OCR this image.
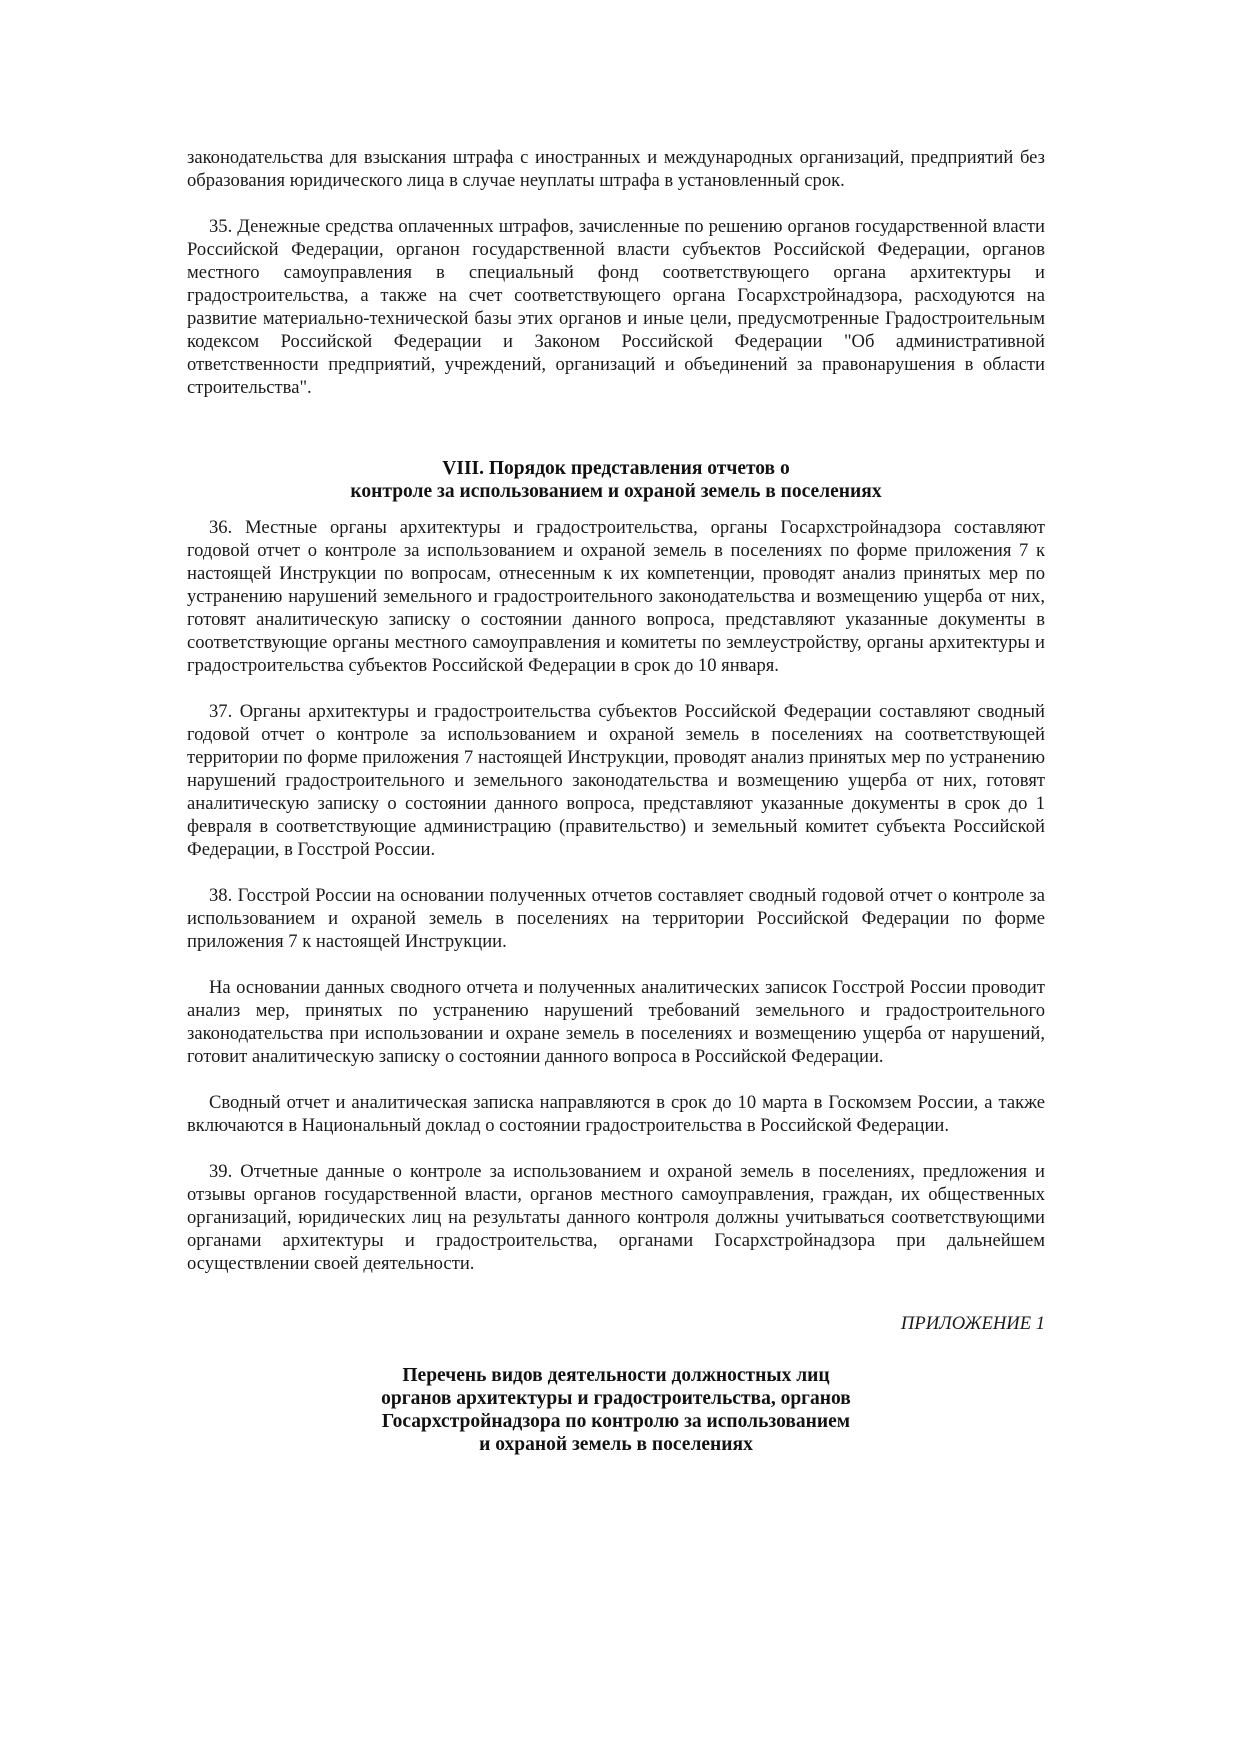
законодательства для взыскания штрафа с иностранных и международных организаций, предприятий без образования юридического лица в случае неуплаты штрафа в установленный срок.

35. Денежные средства оплаченных штрафов, зачисленные по решению органов государственной власти Российской Федерации, органон государственной власти субъектов Российской Федерации, органов местного самоуправления в специальный фонд соответствующего органа архитектуры и градостроительства, а также на счет соответствующего органа Госархстройнадзора, расходуются на развитие материально-технической базы этих органов и иные цели, предусмотренные Градостроительным кодексом Российской Федерации и Законом Российской Федерации "Об административной ответственности предприятий, учреждений, организаций и объединений за правонарушения в области строительства".

VIII. Порядок представления отчетов о
контроле за использованием и охраной земель в поселениях

36. Местные органы архитектуры и градостроительства, органы Госархстройнадзора составляют годовой отчет о контроле за использованием и охраной земель в поселениях по форме приложения 7 к настоящей Инструкции по вопросам, отнесенным к их компетенции, проводят анализ принятых мер по устранению нарушений земельного и градостроительного законодательства и возмещению ущерба от них, готовят аналитическую записку о состоянии данного вопроса, представляют указанные документы в соответствующие органы местного самоуправления и комитеты по землеустройству, органы архитектуры и градостроительства субъектов Российской Федерации в срок до 10 января.

37. Органы архитектуры и градостроительства субъектов Российской Федерации составляют сводный годовой отчет о контроле за использованием и охраной земель в поселениях на соответствующей территории по форме приложения 7 настоящей Инструкции, проводят анализ принятых мер по устранению нарушений градостроительного и земельного законодательства и возмещению ущерба от них, готовят аналитическую записку о состоянии данного вопроса, представляют указанные документы в срок до 1 февраля в соответствующие администрацию (правительство) и земельный комитет субъекта Российской Федерации, в Госстрой России.

38. Госстрой России на основании полученных отчетов составляет сводный годовой отчет о контроле за использованием и охраной земель в поселениях на территории Российской Федерации по форме приложения 7 к настоящей Инструкции.

На основании данных сводного отчета и полученных аналитических записок Госстрой России проводит анализ мер, принятых по устранению нарушений требований земельного и градостроительного законодательства при использовании и охране земель в поселениях и возмещению ущерба от нарушений, готовит аналитическую записку о состоянии данного вопроса в Российской Федерации.

Сводный отчет и аналитическая записка направляются в срок до 10 марта в Госкомзем России, а также включаются в Национальный доклад о состоянии градостроительства в Российской Федерации.

39. Отчетные данные о контроле за использованием и охраной земель в поселениях, предложения и отзывы органов государственной власти, органов местного самоуправления, граждан, их общественных организаций, юридических лиц на результаты данного контроля должны учитываться соответствующими органами архитектуры и градостроительства, органами Госархстройнадзора при дальнейшем осуществлении своей деятельности.

ПРИЛОЖЕНИЕ 1

Перечень видов деятельности должностных лиц
органов архитектуры и градостроительства, органов
Госархстройнадзора по контролю за использованием
и охраной земель в поселениях
